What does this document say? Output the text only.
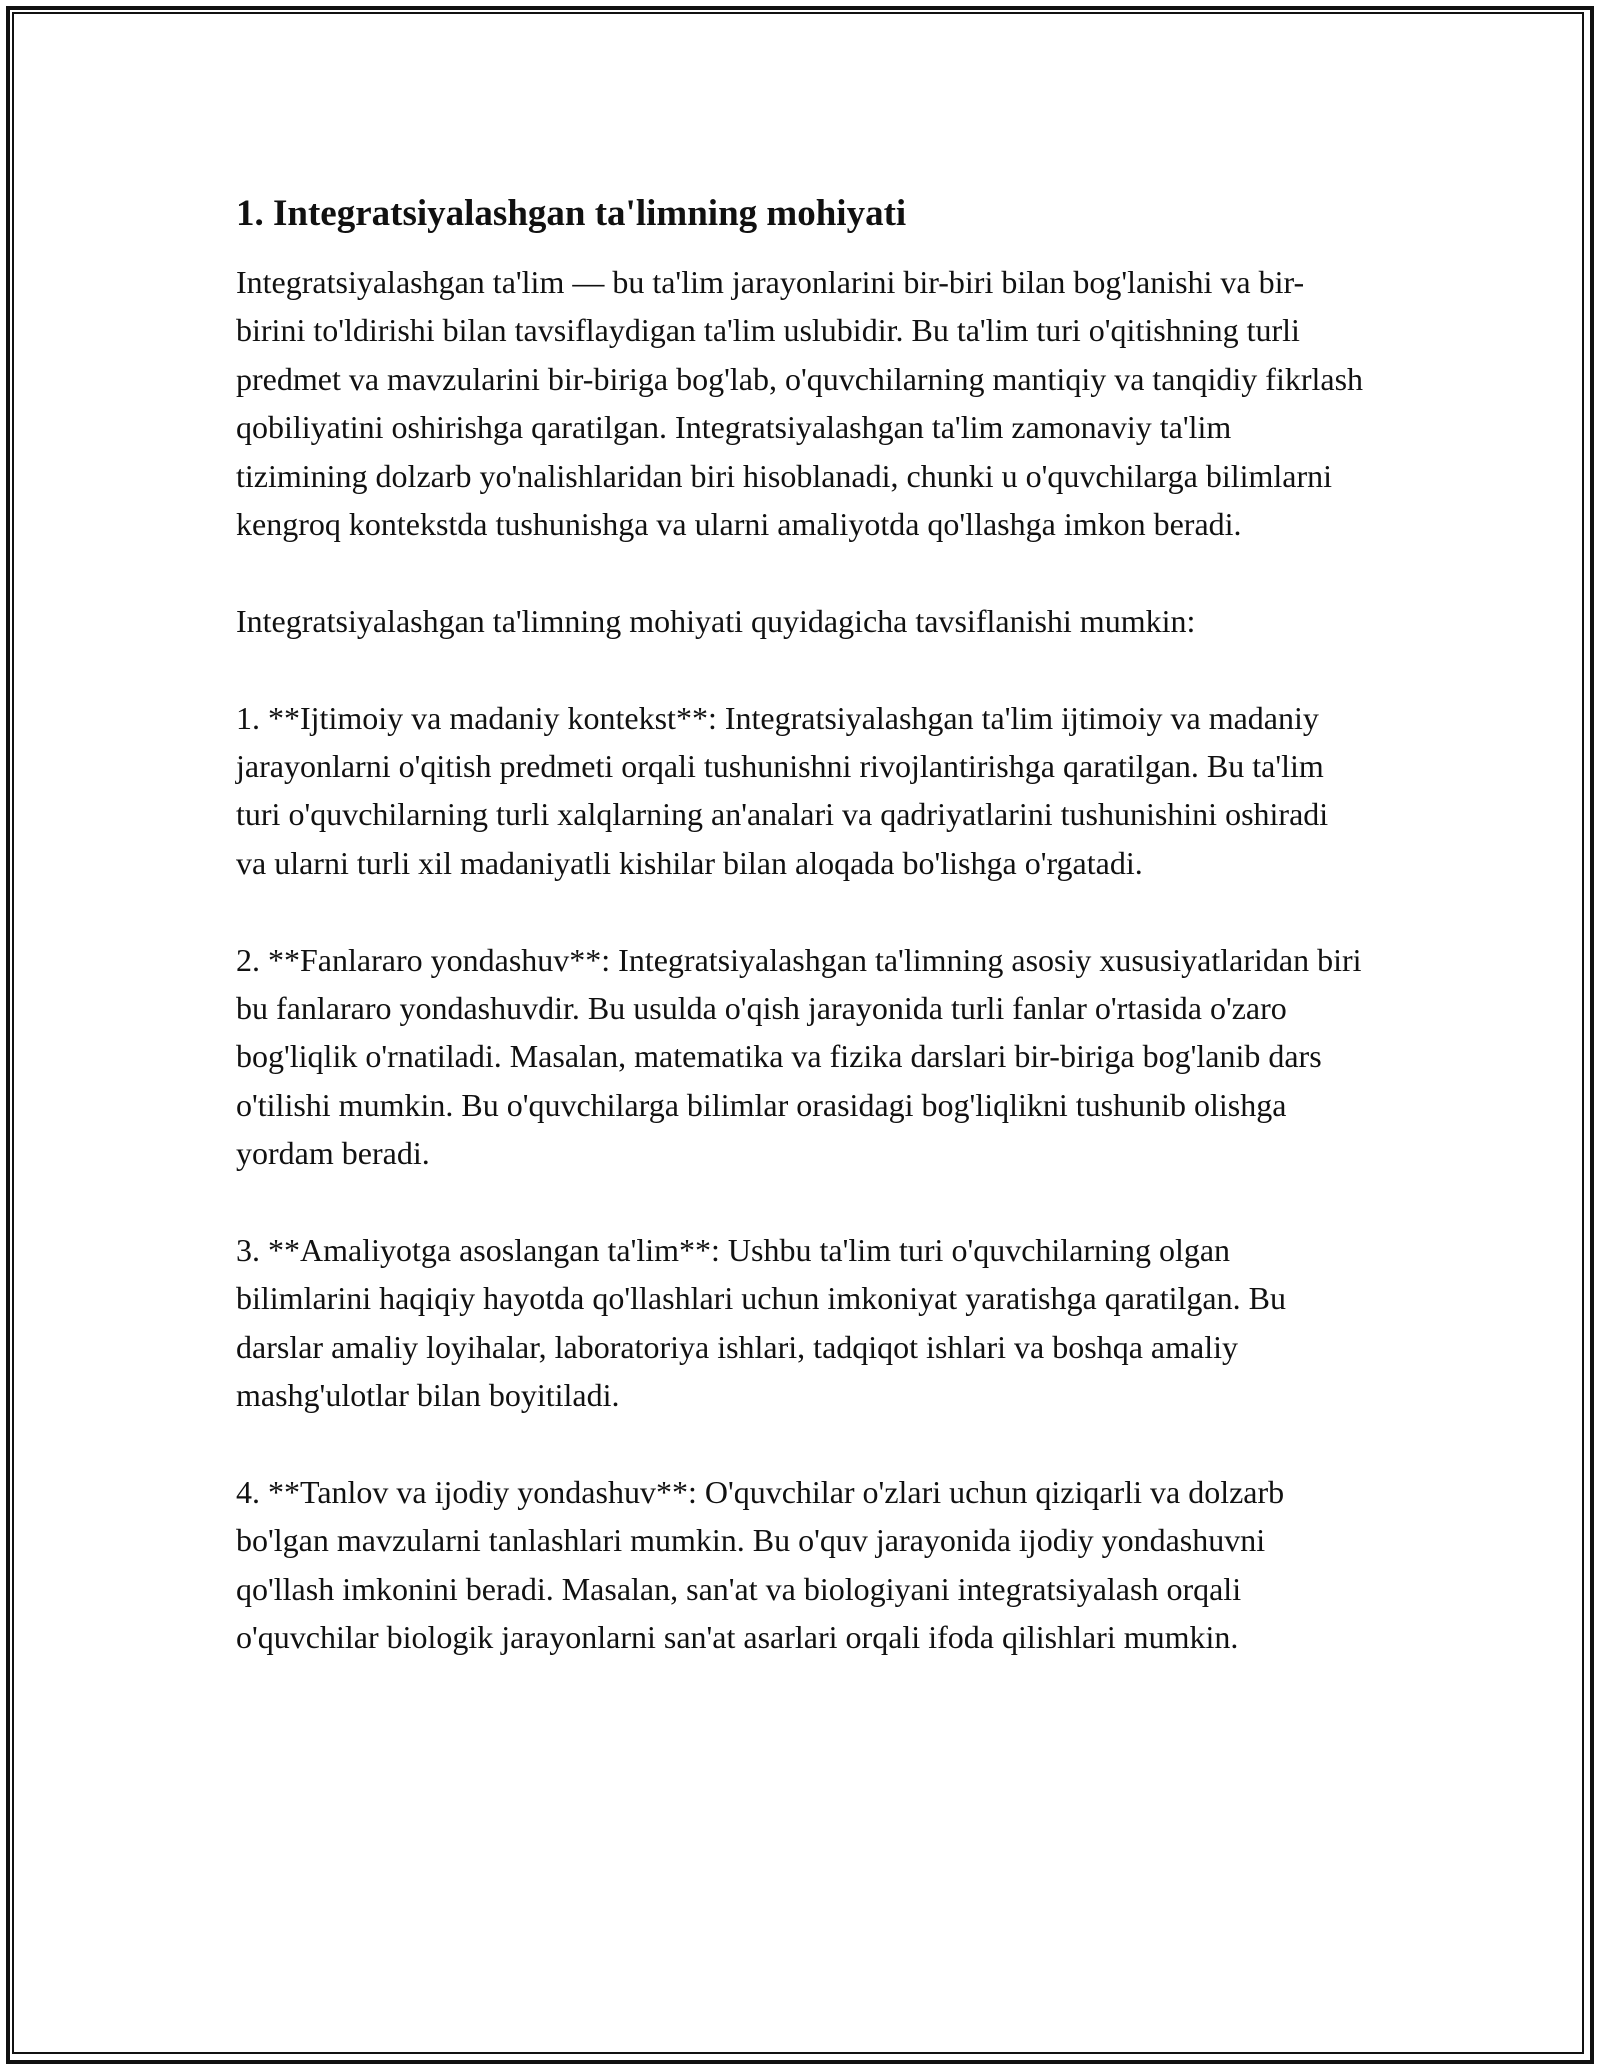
1. Integratsiyalashgan ta'limning mohiyati

Integratsiyalashgan ta'lim — bu ta'lim jarayonlarini bir-biri bilan bog'lanishi va bir-birini to'ldirishi bilan tavsiflaydigan ta'lim uslubidir. Bu ta'lim turi o'qitishning turli predmet va mavzularini bir-biriga bog'lab, o'quvchilarning mantiqiy va tanqidiy fikrlash qobiliyatini oshirishga qaratilgan. Integratsiyalashgan ta'lim zamonaviy ta'lim tizimining dolzarb yo'nalishlaridan biri hisoblanadi, chunki u o'quvchilarga bilimlarni kengroq kontekstda tushunishga va ularni amaliyotda qo'llashga imkon beradi.

Integratsiyalashgan ta'limning mohiyati quyidagicha tavsiflanishi mumkin:

1. **Ijtimoiy va madaniy kontekst**: Integratsiyalashgan ta'lim ijtimoiy va madaniy jarayonlarni o'qitish predmeti orqali tushunishni rivojlantirishga qaratilgan. Bu ta'lim turi o'quvchilarning turli xalqlarning an'analari va qadriyatlarini tushunishini oshiradi va ularni turli xil madaniyatli kishilar bilan aloqada bo'lishga o'rgatadi.

2. **Fanlararo yondashuv**: Integratsiyalashgan ta'limning asosiy xususiyatlaridan biri bu fanlararo yondashuvdir. Bu usulda o'qish jarayonida turli fanlar o'rtasida o'zaro bog'liqlik o'rnatiladi. Masalan, matematika va fizika darslari bir-biriga bog'lanib dars o'tilishi mumkin. Bu o'quvchilarga bilimlar orasidagi bog'liqlikni tushunib olishga yordam beradi.

3. **Amaliyotga asoslangan ta'lim**: Ushbu ta'lim turi o'quvchilarning olgan bilimlarini haqiqiy hayotda qo'llashlari uchun imkoniyat yaratishga qaratilgan. Bu darslar amaliy loyihalar, laboratoriya ishlari, tadqiqot ishlari va boshqa amaliy mashg'ulotlar bilan boyitiladi.

4. **Tanlov va ijodiy yondashuv**: O'quvchilar o'zlari uchun qiziqarli va dolzarb bo'lgan mavzularni tanlashlari mumkin. Bu o'quv jarayonida ijodiy yondashuvni qo'llash imkonini beradi. Masalan, san'at va biologiyani integratsiyalash orqali o'quvchilar biologik jarayonlarni san'at asarlari orqali ifoda qilishlari mumkin.
